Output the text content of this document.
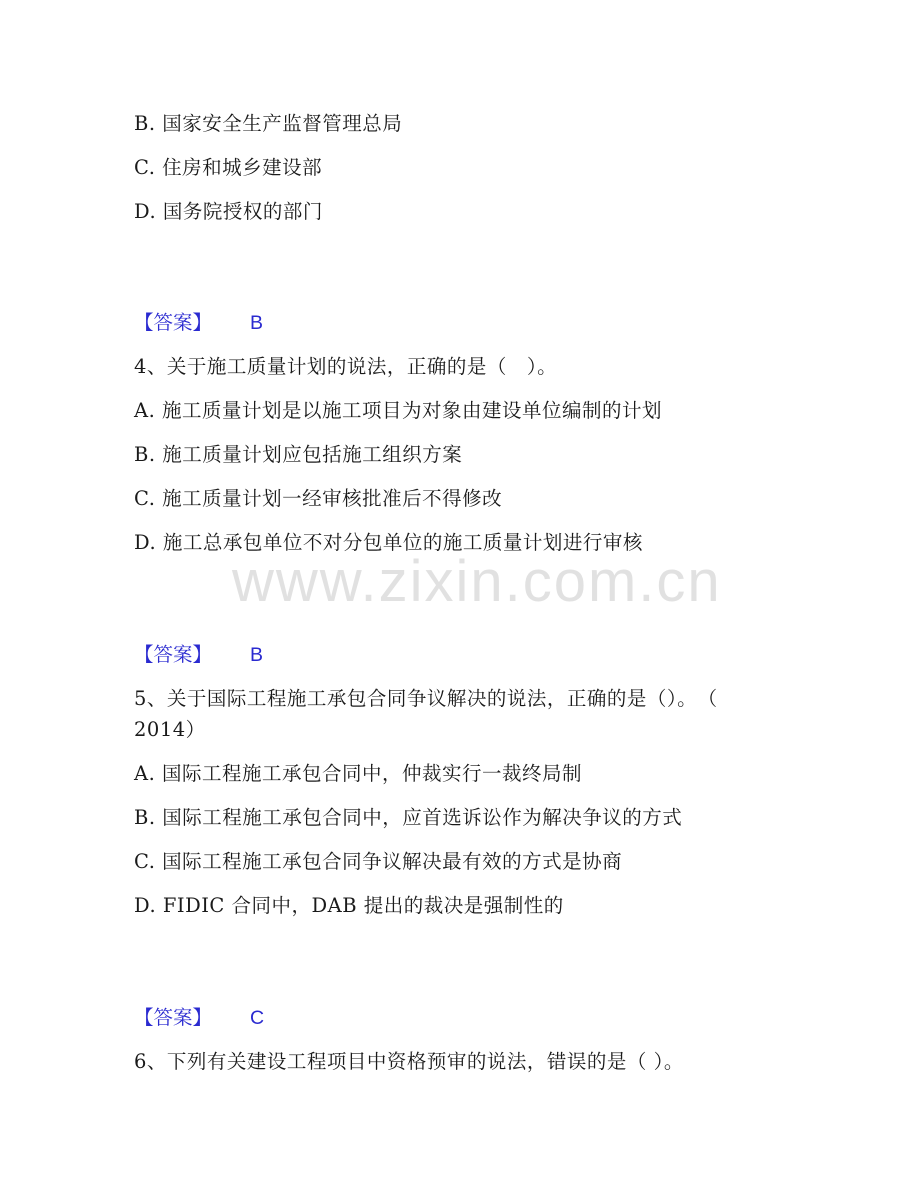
www.zixin.com.cn
B. 国家安全生产监督管理总局
C. 住房和城乡建设部
D. 国务院授权的部门
【答案】 B
4、关于施工质量计划的说法，正确的是（　）。
A. 施工质量计划是以施工项目为对象由建设单位编制的计划
B. 施工质量计划应包括施工组织方案
C. 施工质量计划一经审核批准后不得修改
D. 施工总承包单位不对分包单位的施工质量计划进行审核
【答案】 B
5、关于国际工程施工承包合同争议解决的说法，正确的是（）。　（
2014）
A. 国际工程施工承包合同中，仲裁实行一裁终局制
B. 国际工程施工承包合同中，应首选诉讼作为解决争议的方式
C. 国际工程施工承包合同争议解决最有效的方式是协商
D. FIDIC 合同中，DAB 提出的裁决是强制性的
【答案】 C
6、下列有关建设工程项目中资格预审的说法，错误的是（ ）。
